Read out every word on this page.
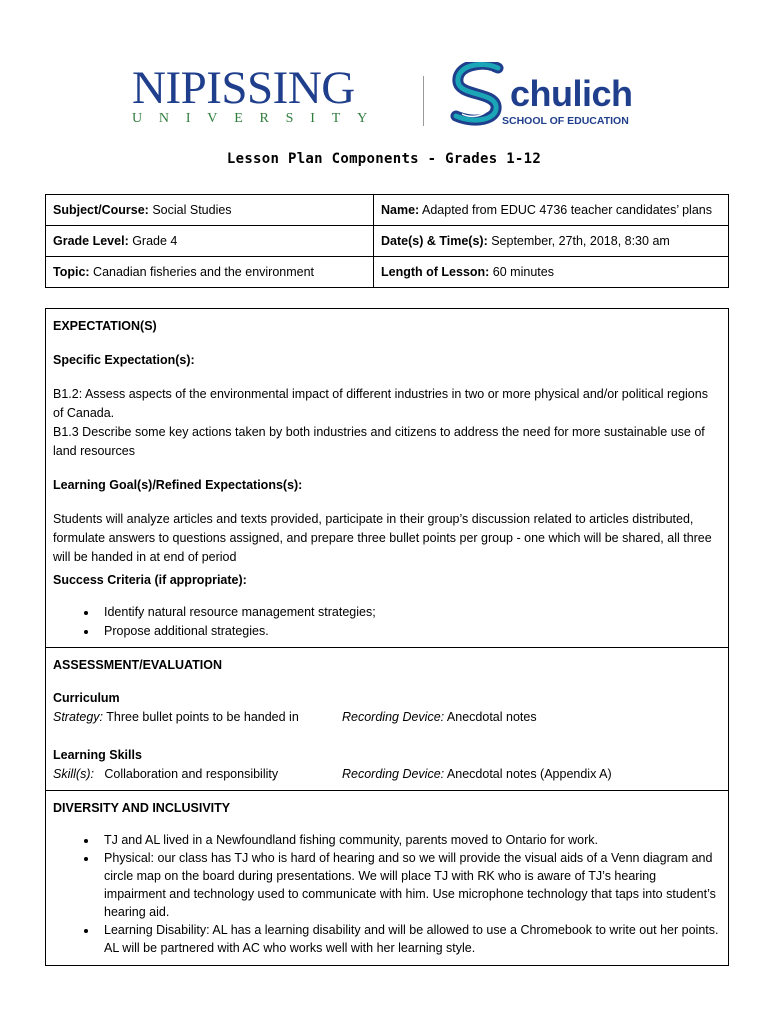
NIPISSING
UNIVERSITY
chulich
SCHOOL OF EDUCATION
Lesson Plan Components - Grades 1-12
Subject/Course: Social Studies	Name: Adapted from EDUC 4736 teacher candidates’ plans
Grade Level: Grade 4	Date(s) & Time(s): September, 27th, 2018, 8:30 am
Topic: Canadian fisheries and the environment	Length of Lesson: 60 minutes

EXPECTATION(S)

Specific Expectation(s):

B1.2: Assess aspects of the environmental impact of different industries in two or more physical and/or political regions of Canada.

B1.3 Describe some key actions taken by both industries and citizens to address the need for more sustainable use of land resources

Learning Goal(s)/Refined Expectations(s):

Students will analyze articles and texts provided, participate in their group’s discussion related to articles distributed, formulate answers to questions assigned, and prepare three bullet points per group - one which will be shared, all three will be handed in at end of period

Success Criteria (if appropriate):

• Identify natural resource management strategies;
• Propose additional strategies.

ASSESSMENT/EVALUATION

Curriculum

Strategy: Three bullet points to be handed in	Recording Device: Anecdotal notes

Learning Skills

Skill(s):   Collaboration and responsibility	Recording Device: Anecdotal notes (Appendix A)

DIVERSITY AND INCLUSIVITY

• TJ and AL lived in a Newfoundland fishing community, parents moved to Ontario for work.
• Physical: our class has TJ who is hard of hearing and so we will provide the visual aids of a Venn diagram and circle map on the board during presentations. We will place TJ with RK who is aware of TJ’s hearing impairment and technology used to communicate with him. Use microphone technology that taps into student’s hearing aid.
• Learning Disability: AL has a learning disability and will be allowed to use a Chromebook to write out her points. AL will be partnered with AC who works well with her learning style.
